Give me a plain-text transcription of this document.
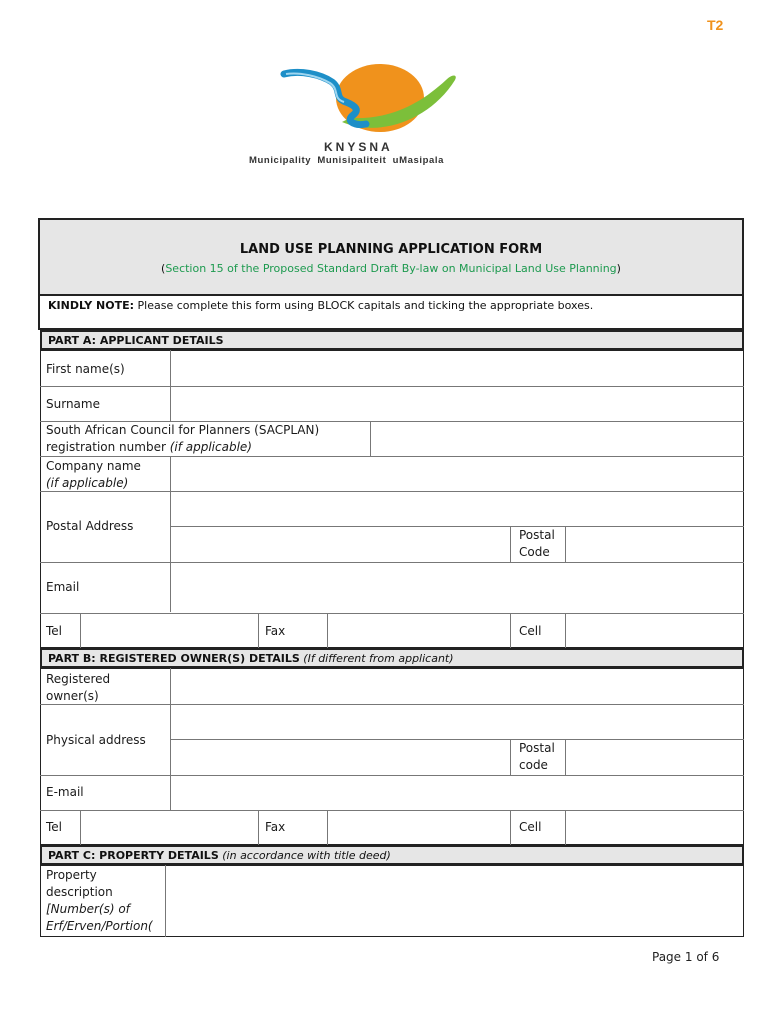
T2
KNYSNA
Municipality Munisipaliteit uMasipala
LAND USE PLANNING APPLICATION FORM
(Section 15 of the Proposed Standard Draft By-law on Municipal Land Use Planning)
KINDLY NOTE: Please complete this form using BLOCK capitals and ticking the appropriate boxes.
PART A: APPLICANT DETAILS
First name(s)
Surname
South African Council for Planners (SACPLAN)
registration number (if applicable)
Company name
(if applicable)
Postal Address
Postal
Code
Email
Tel	Fax	Cell
PART B: REGISTERED OWNER(S) DETAILS (If different from applicant)
Registered
owner(s)
Physical address
Postal
code
E-mail
Tel	Fax	Cell
PART C: PROPERTY DETAILS (in accordance with title deed)
Property
description
[Number(s) of
Erf/Erven/Portion(
Page 1 of 6
